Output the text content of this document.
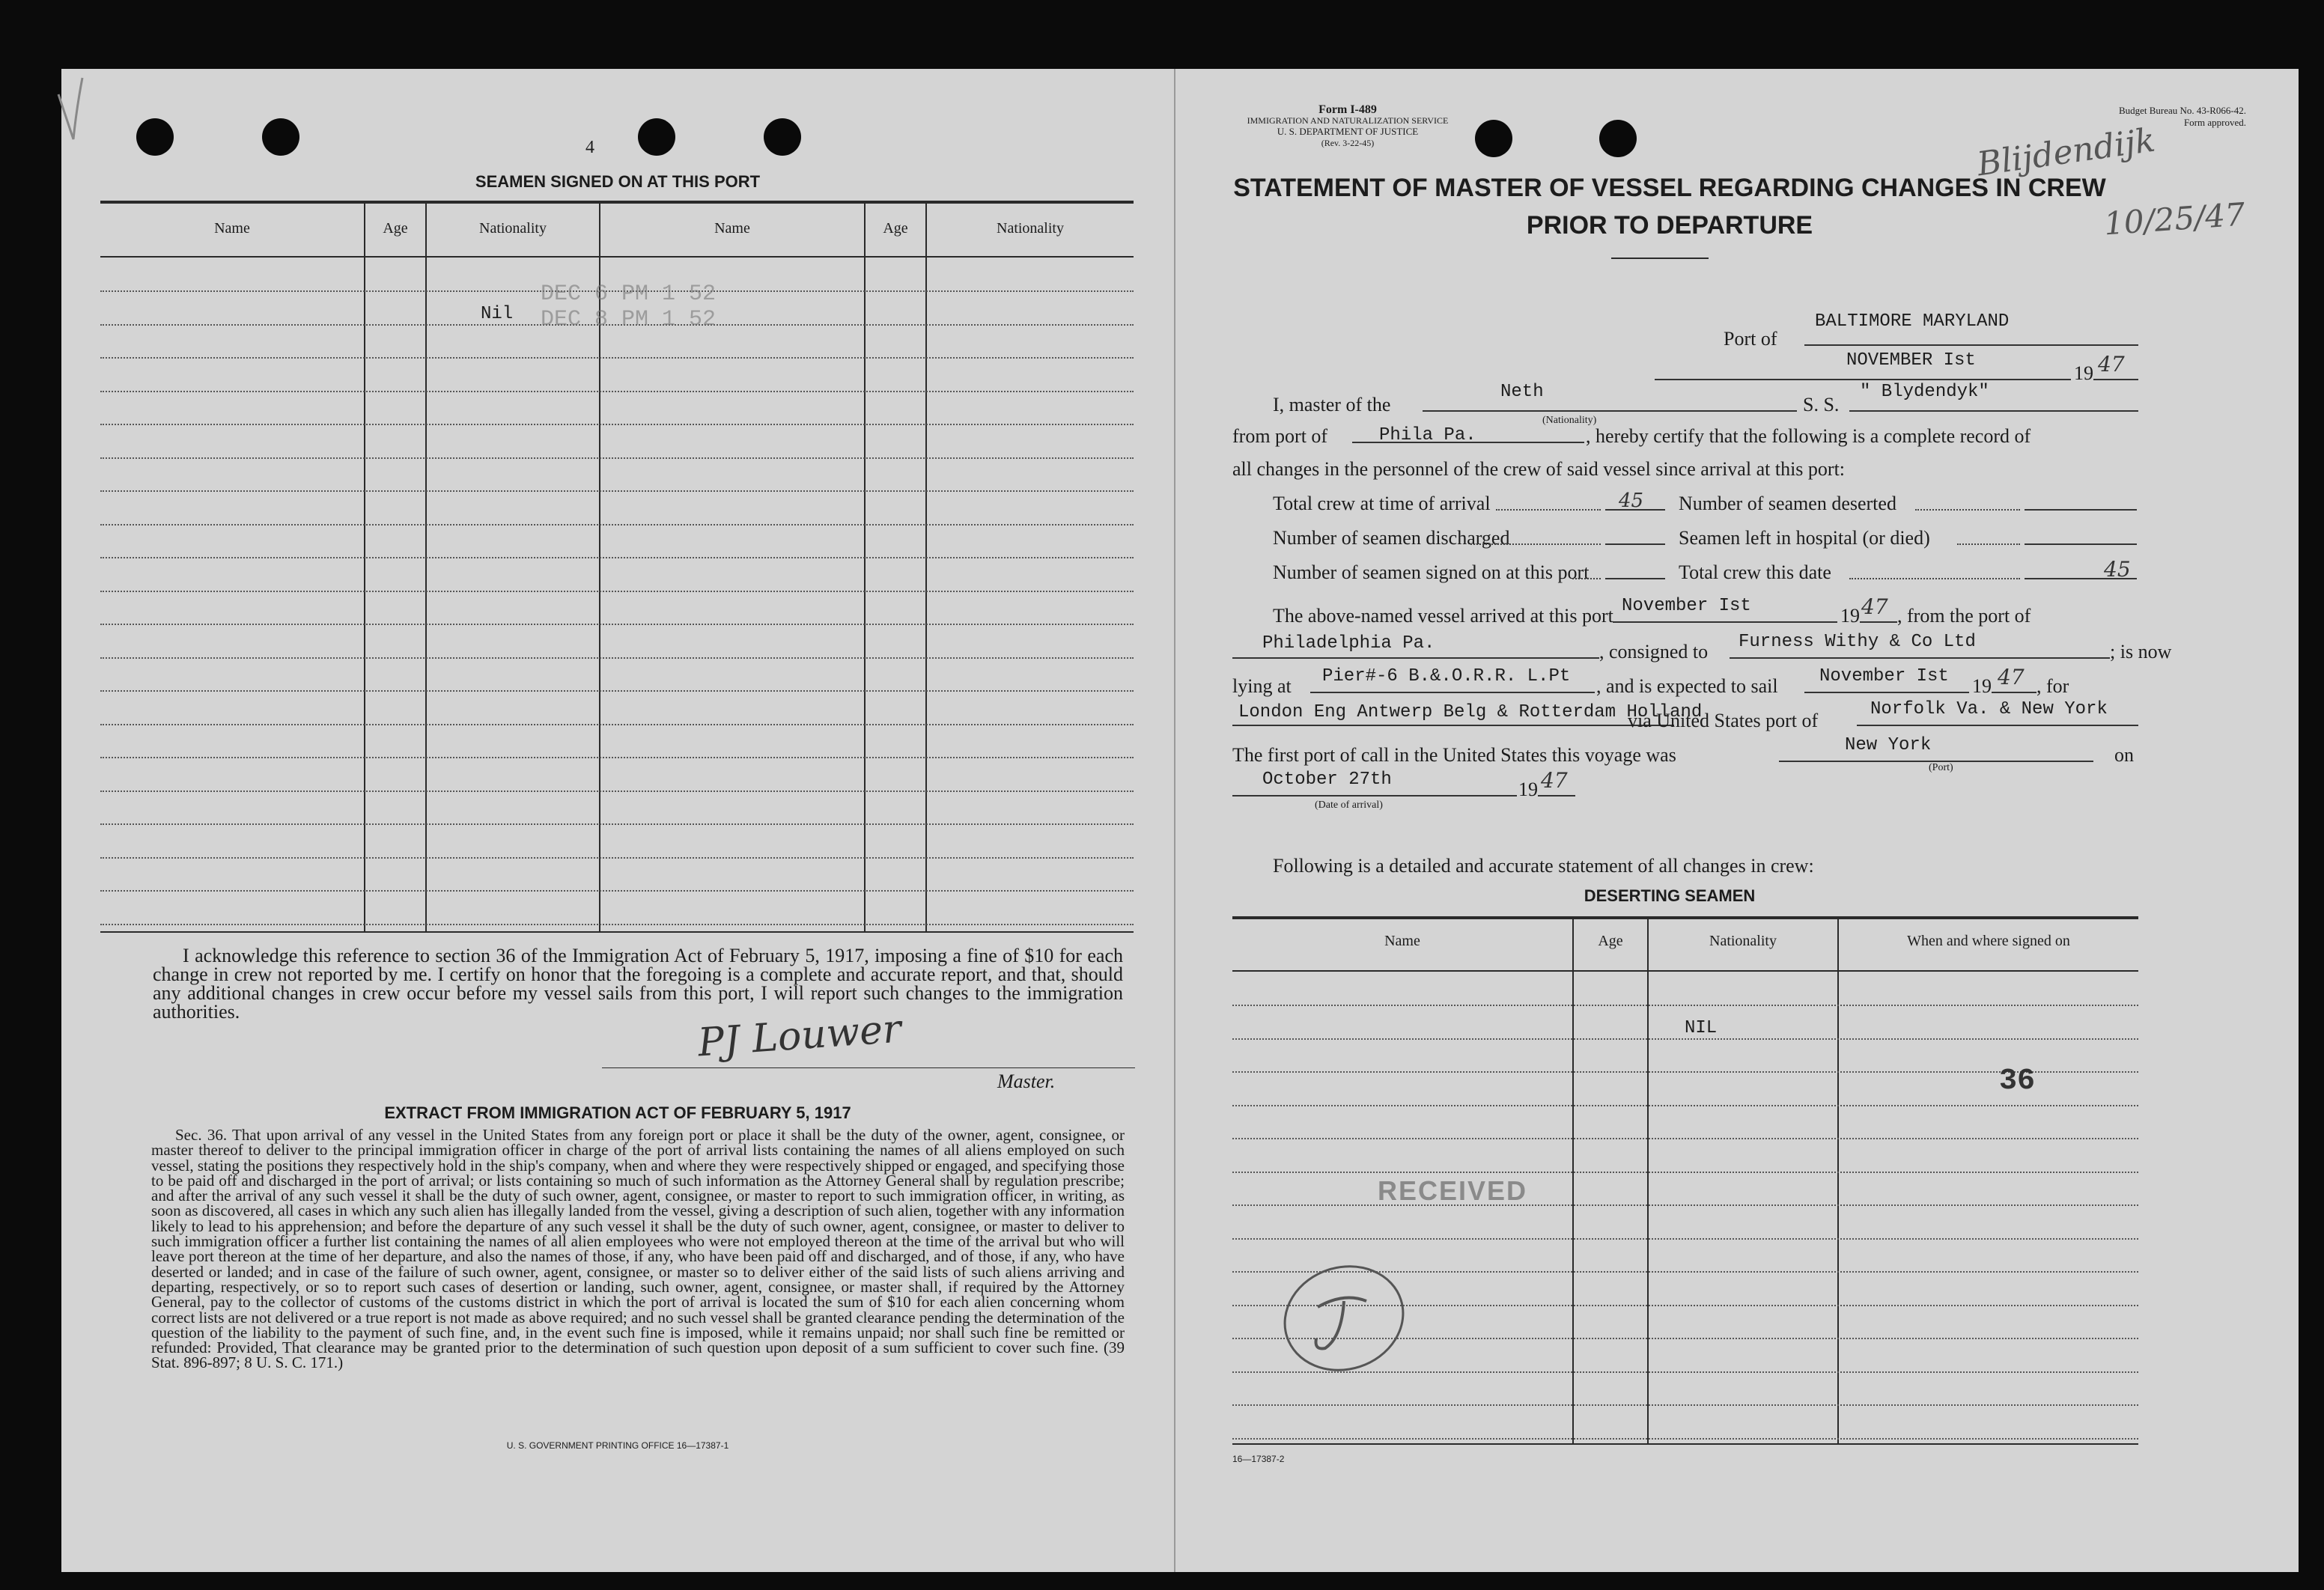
4
SEAMEN SIGNED ON AT THIS PORT
Name	Age	Nationality	Name	Age	Nationality
Nil
DEC 6 PM 1 52
DEC 8 PM 1 52
I acknowledge this reference to section 36 of the Immigration Act of February 5, 1917, imposing a fine of $10 for each change in crew not reported by me. I certify on honor that the foregoing is a complete and accurate report, and that, should any additional changes in crew occur before my vessel sails from this port, I will report such changes to the immigration authorities.	PJ Louwer
Master.
EXTRACT FROM IMMIGRATION ACT OF FEBRUARY 5, 1917
Sec. 36. That upon arrival of any vessel in the United States from any foreign port or place it shall be the duty of the owner, agent, consignee, or master thereof to deliver to the principal immigration officer in charge of the port of arrival lists containing the names of all aliens employed on such vessel, stating the positions they respectively hold in the ship's company, when and where they were respectively shipped or engaged, and specifying those to be paid off and discharged in the port of arrival; or lists containing so much of such information as the Attorney General shall by regulation prescribe; and after the arrival of any such vessel it shall be the duty of such owner, agent, consignee, or master to report to such immigration officer, in writing, as soon as discovered, all cases in which any such alien has illegally landed from the vessel, giving a description of such alien, together with any information likely to lead to his apprehension; and before the departure of any such vessel it shall be the duty of such owner, agent, consignee, or master to deliver to such immigration officer a further list containing the names of all alien employees who were not employed thereon at the time of the arrival but who will leave port thereon at the time of her departure, and also the names of those, if any, who have been paid off and discharged, and of those, if any, who have deserted or landed; and in case of the failure of such owner, agent, consignee, or master so to deliver either of the said lists of such aliens arriving and departing, respectively, or so to report such cases of desertion or landing, such owner, agent, consignee, or master shall, if required by the Attorney General, pay to the collector of customs of the customs district in which the port of arrival is located the sum of $10 for each alien concerning whom correct lists are not delivered or a true report is not made as above required; and no such vessel shall be granted clearance pending the determination of the question of the liability to the payment of such fine, and, in the event such fine is imposed, while it remains unpaid; nor shall such fine be remitted or refunded: Provided, That clearance may be granted prior to the determination of such question upon deposit of a sum sufficient to cover such fine. (39 Stat. 896-897; 8 U. S. C. 171.)
U. S. GOVERNMENT PRINTING OFFICE 16—17387-1
Form I-489
IMMIGRATION AND NATURALIZATION SERVICE
U. S. DEPARTMENT OF JUSTICE
(Rev. 3-22-45)
Budget Bureau No. 43-R066-42.
Form approved.
Blijdendijk
10/25/47
STATEMENT OF MASTER OF VESSEL REGARDING CHANGES IN CREW
PRIOR TO DEPARTURE
Port of
BALTIMORE MARYLAND
NOVEMBER Ist
19 47
I, master of the
Neth
(Nationality)
S. S.
" Blydendyk"
from port of	Phila Pa.	, hereby certify that the following is a complete record of
all changes in the personnel of the crew of said vessel since arrival at this port:
Total crew at time of arrival	45 Number of seamen deserted
Number of seamen discharged	Seamen left in hospital (or died)
Number of seamen signed on at this port	Total crew this date	45
The above-named vessel arrived at this port November Ist	19 47 , from the port of
Philadelphia Pa.	, consigned to Furness Withy & Co Ltd	; is now
lying at Pier#-6 B.&.O.R.R. L.Pt , and is expected to sail November Ist 19 47 , for
London Eng Antwerp Belg & Rotterdam Holland
via United States port of
Norfolk Va. & New York
The first port of call in the United States this voyage was	New York
(Port)
on
October 27th	19 47
(Date of arrival)
Following is a detailed and accurate statement of all changes in crew:
DESERTING SEAMEN
Name	Age	Nationality	When and where signed on
NIL
36
RECEIVED
16—17387-2
